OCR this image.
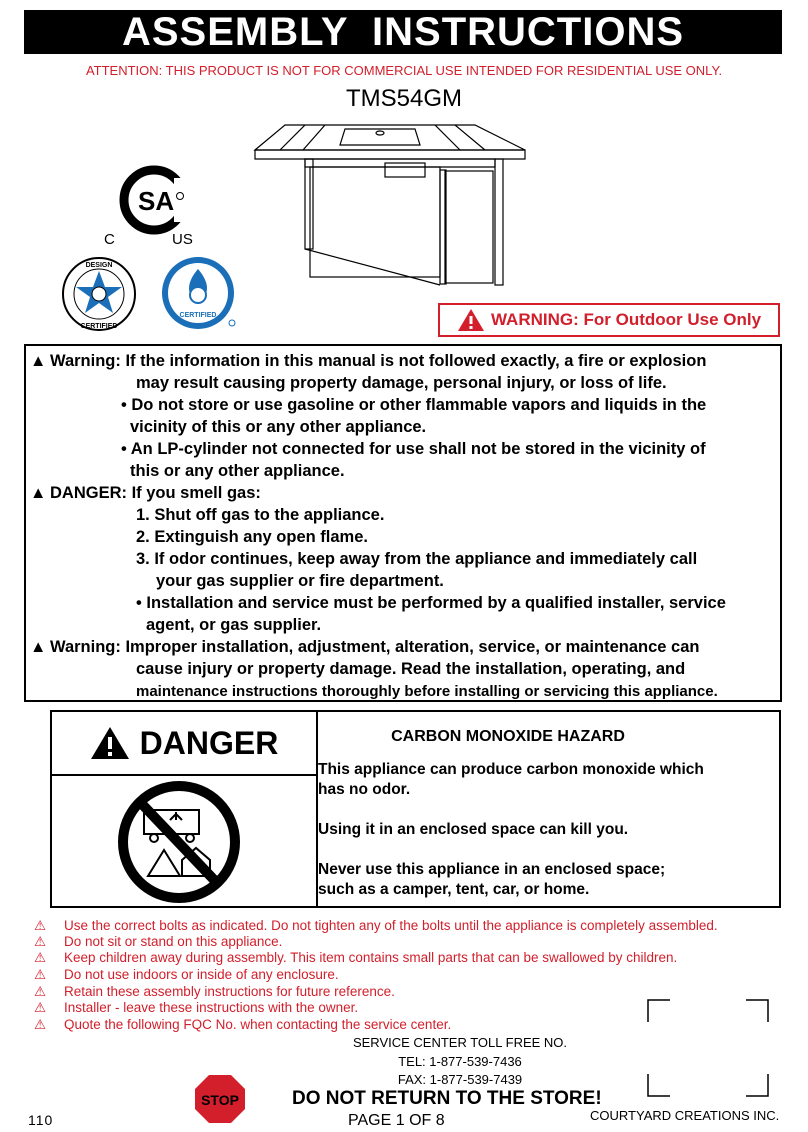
ASSEMBLY  INSTRUCTIONS
ATTENTION: THIS PRODUCT IS NOT FOR COMMERCIAL USE INTENDED FOR RESIDENTIAL USE ONLY.
TMS54GM
SA
C	US
DESIGN
CERTIFIED
CERTIFIED	WARNING: For Outdoor Use Only
▲ Warning: If the information in this manual is not followed exactly, a fire or explosion
may result causing property damage, personal injury, or loss of life.
• Do not store or use gasoline or other flammable vapors and liquids in the
vicinity of this or any other appliance.
• An LP-cylinder not connected for use shall not be stored in the vicinity of
this or any other appliance.
▲ DANGER: If you smell gas:
1. Shut off gas to the appliance.
2. Extinguish any open flame.
3. If odor continues, keep away from the appliance and immediately call
your gas supplier or fire department.
• Installation and service must be performed by a qualified installer, service
agent, or gas supplier.
▲ Warning: Improper installation, adjustment, alteration, service, or maintenance can
cause injury or property damage. Read the installation, operating, and
maintenance instructions thoroughly before installing or servicing this appliance.
DANGER	CARBON MONOXIDE HAZARD
This appliance can produce carbon monoxide which
has no odor.
Using it in an enclosed space can kill you.
Never use this appliance in an enclosed space;
such as a camper, tent, car, or home.
⚠ Use the correct bolts as indicated. Do not tighten any of the bolts until the appliance is completely assembled.
⚠ Do not sit or stand on this appliance.
⚠ Keep children away during assembly. This item contains small parts that can be swallowed by children.
⚠ Do not use indoors or inside of any enclosure.
⚠ Retain these assembly instructions for future reference.
⚠ Installer - leave these instructions with the owner.
⚠ Quote the following FQC No. when contacting the service center.
SERVICE CENTER TOLL FREE NO.
TEL: 1-877-539-7436
FAX: 1-877-539-7439
STOP	DO NOT RETURN TO THE STORE!
PAGE 1 OF 8	COURTYARD CREATIONS INC.
110
